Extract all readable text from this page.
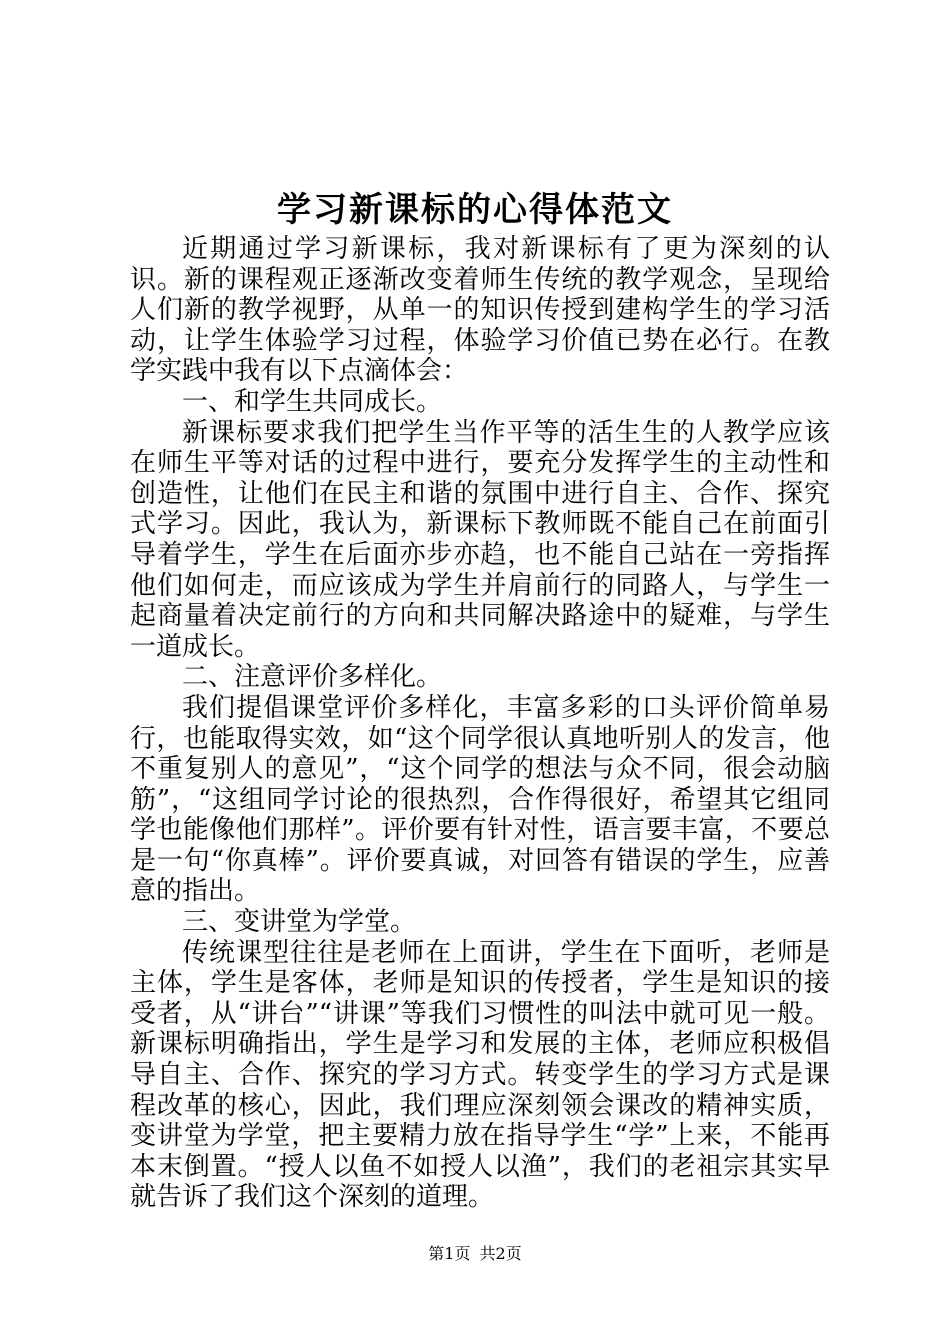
学习新课标的心得体范文

近期通过学习新课标，我对新课标有了更为深刻的认识。新的课程观正逐渐改变着师生传统的教学观念，呈现给人们新的教学视野，从单一的知识传授到建构学生的学习活动，让学生体验学习过程，体验学习价值已势在必行。在教学实践中我有以下点滴体会：

一、和学生共同成长。

新课标要求我们把学生当作平等的活生生的人教学应该在师生平等对话的过程中进行，要充分发挥学生的主动性和创造性，让他们在民主和谐的氛围中进行自主、合作、探究式学习。因此，我认为，新课标下教师既不能自己在前面引导着学生，学生在后面亦步亦趋，也不能自己站在一旁指挥他们如何走，而应该成为学生并肩前行的同路人，与学生一起商量着决定前行的方向和共同解决路途中的疑难，与学生一道成长。

二、注意评价多样化。

我们提倡课堂评价多样化，丰富多彩的口头评价简单易行，也能取得实效，如“这个同学很认真地听别人的发言，他不重复别人的意见”，“这个同学的想法与众不同，很会动脑筋”，“这组同学讨论的很热烈，合作得很好，希望其它组同学也能像他们那样”。评价要有针对性，语言要丰富，不要总是一句“你真棒”。评价要真诚，对回答有错误的学生，应善意的指出。

三、变讲堂为学堂。

传统课型往往是老师在上面讲，学生在下面听，老师是主体，学生是客体，老师是知识的传授者，学生是知识的接受者，从“讲台”“讲课”等我们习惯性的叫法中就可见一般。新课标明确指出，学生是学习和发展的主体，老师应积极倡导自主、合作、探究的学习方式。转变学生的学习方式是课程改革的核心，因此，我们理应深刻领会课改的精神实质，变讲堂为学堂，把主要精力放在指导学生“学”上来，不能再本末倒置。“授人以鱼不如授人以渔”，我们的老祖宗其实早就告诉了我们这个深刻的道理。

第1页 共2页
